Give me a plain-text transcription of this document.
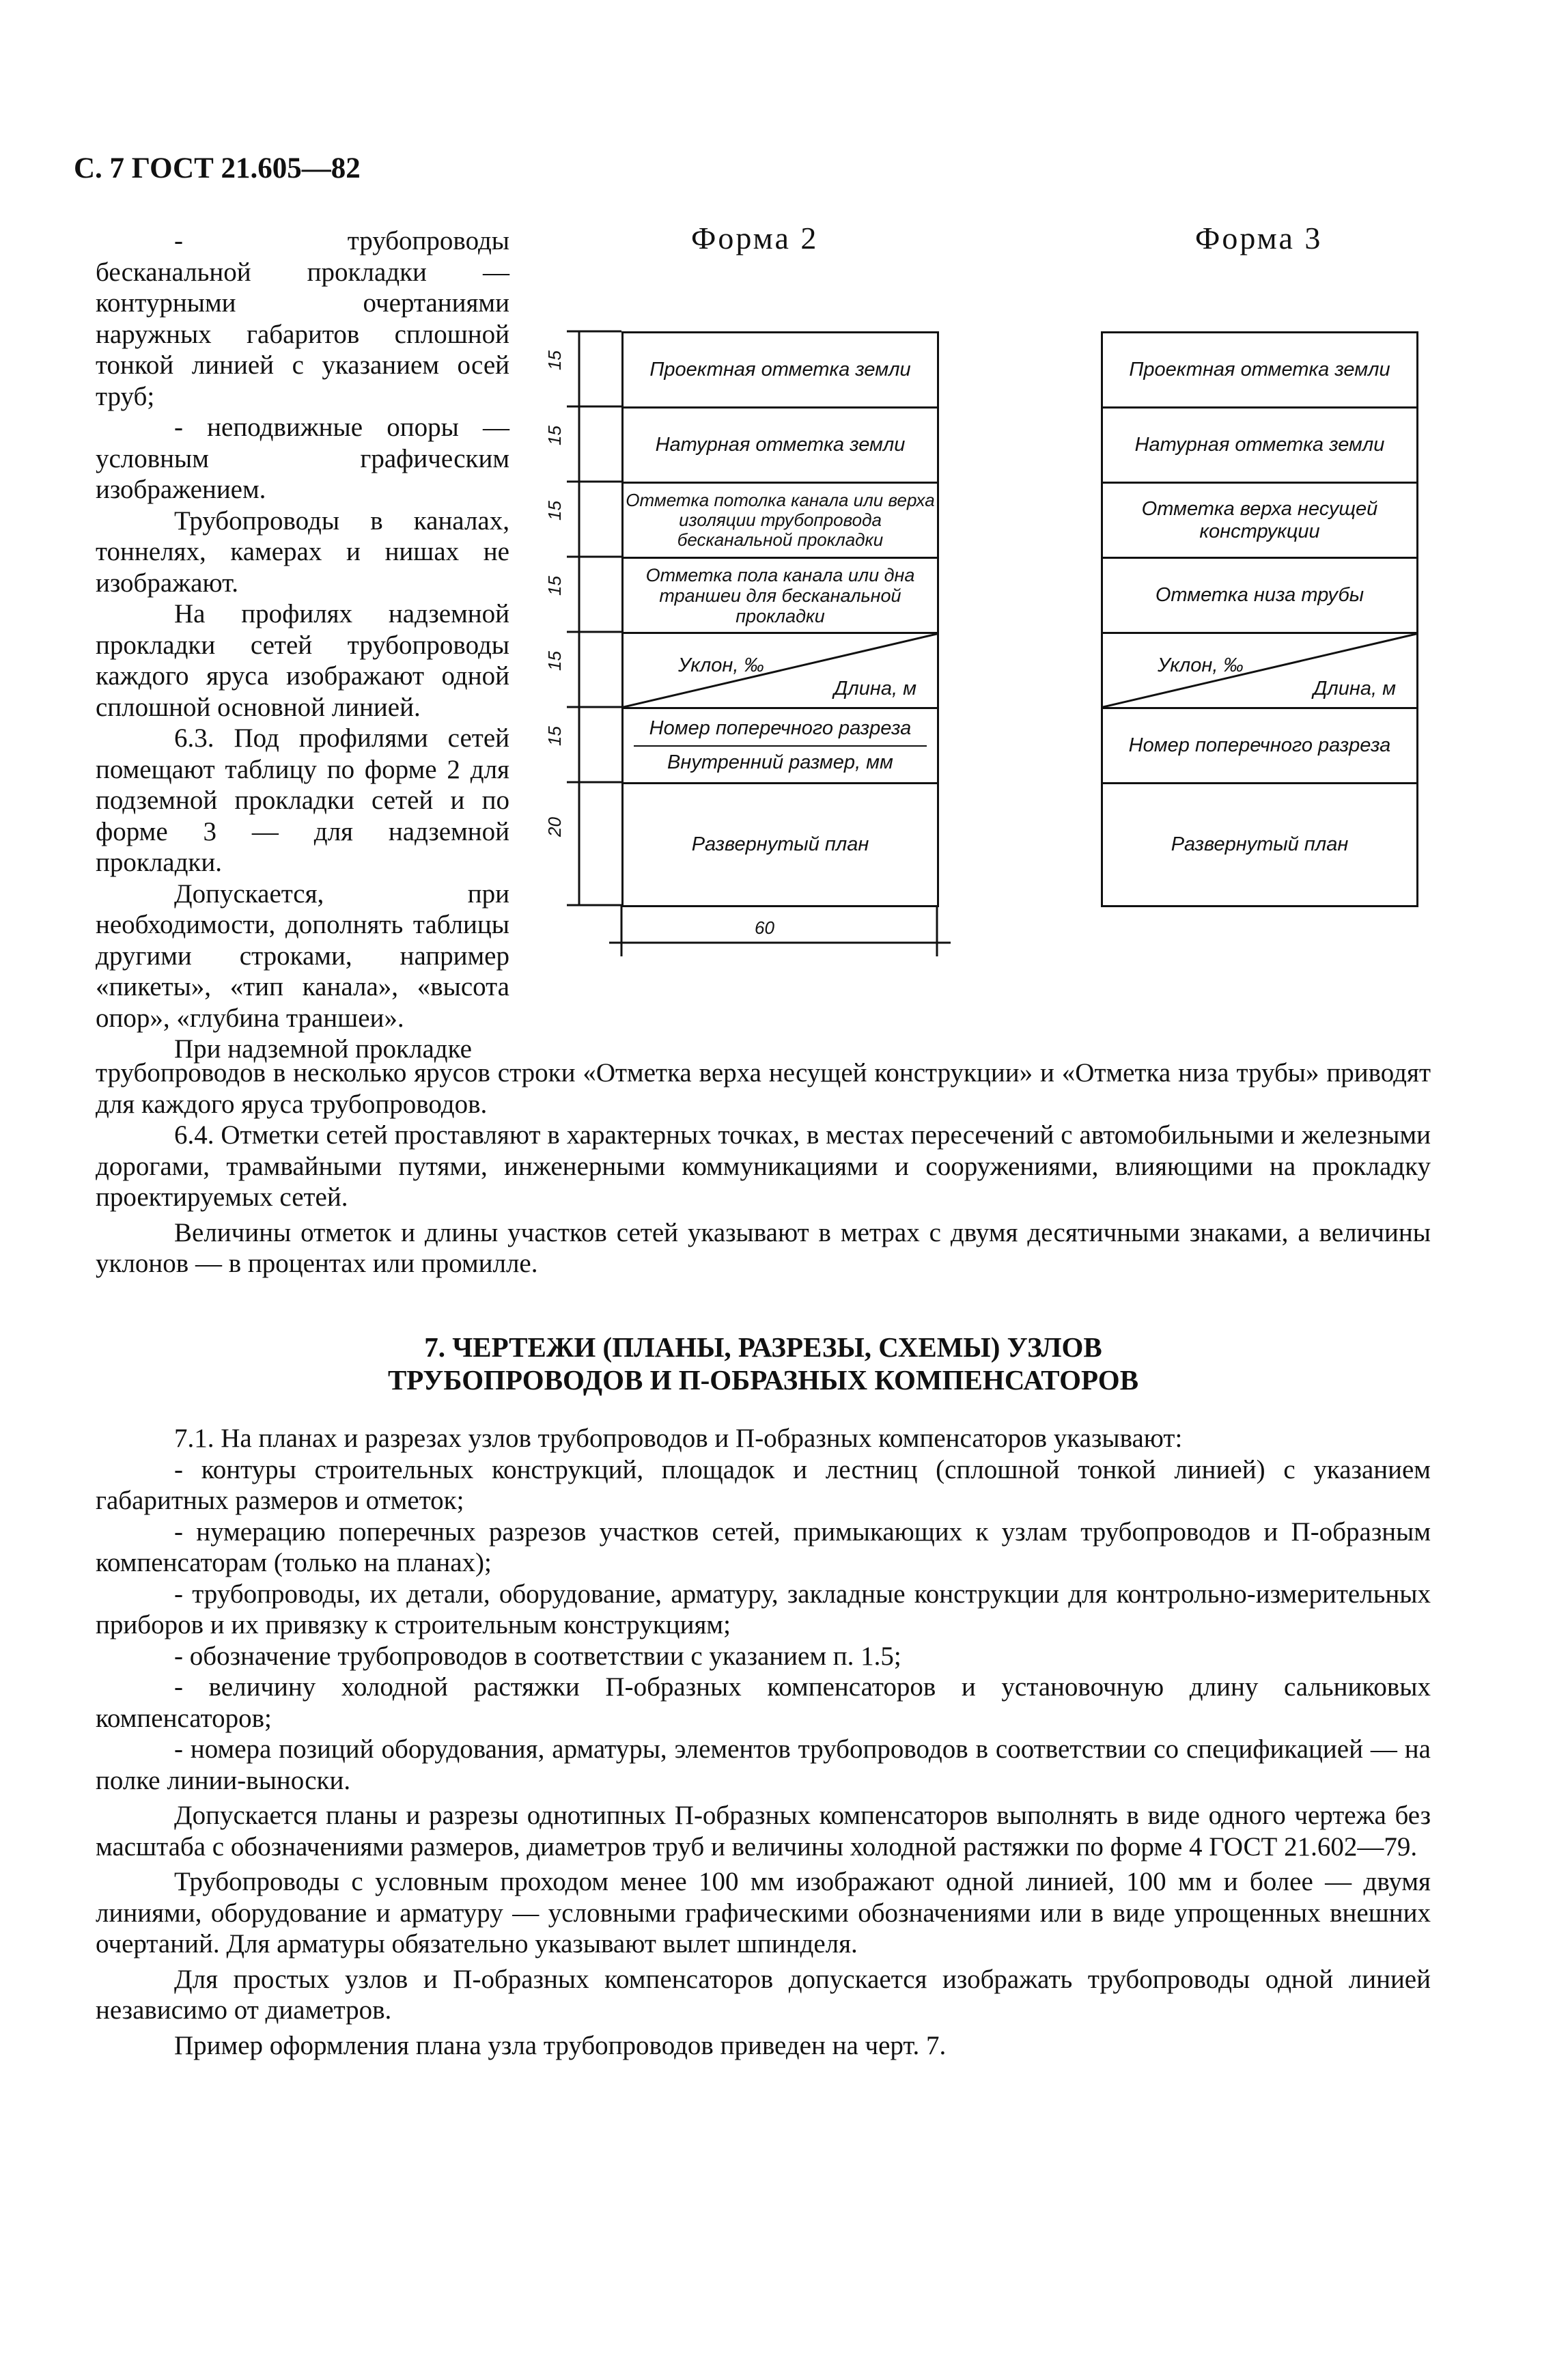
С. 7 ГОСТ 21.605—82

- трубопроводы бесканальной прокладки — контурными очертаниями наружных габаритов сплошной тонкой линией с указанием осей труб;

- неподвижные опоры — условным графическим изображением.

Трубопроводы в каналах, тоннелях, камерах и нишах не изображают.

На профилях надземной прокладки сетей трубопроводы каждого яруса изображают одной сплошной основной линией.

6.3. Под профилями сетей помещают таблицу по форме 2 для подземной прокладки сетей и по форме 3 — для надземной прокладки.

Допускается, при необходимости, дополнять таблицы другими строками, например «пикеты», «тип канала», «высота опор», «глубина траншеи».

При надземной прокладке

Форма 2
15
15
15
15
15
15
20
60
Проектная отметка земли
Натурная отметка земли
Отметка потолка канала или верха изоляции трубопровода бесканальной прокладки
Отметка пола канала или дна траншеи для бесканальной прокладки
Уклон, ‰
Длина, м
Номер поперечного разреза
Внутренний размер, мм
Развернутый план
Форма 3
Проектная отметка земли
Натурная отметка земли
Отметка верха несущей конструкции
Отметка низа трубы
Уклон, ‰
Длина, м
Номер поперечного разреза
Развернутый план

трубопроводов в несколько ярусов строки «Отметка верха несущей конструкции» и «Отметка низа трубы» приводят для каждого яруса трубопроводов.

6.4. Отметки сетей проставляют в характерных точках, в местах пересечений с автомобильными и железными дорогами, трамвайными путями, инженерными коммуникациями и сооружениями, влияющими на прокладку проектируемых сетей.

Величины отметок и длины участков сетей указывают в метрах с двумя десятичными знаками, а величины уклонов — в процентах или промилле.

7. ЧЕРТЕЖИ (ПЛАНЫ, РАЗРЕЗЫ, СХЕМЫ) УЗЛОВ
ТРУБОПРОВОДОВ И П-ОБРАЗНЫХ КОМПЕНСАТОРОВ

7.1. На планах и разрезах узлов трубопроводов и П-образных компенсаторов указывают:

- контуры строительных конструкций, площадок и лестниц (сплошной тонкой линией) с указанием габаритных размеров и отметок;

- нумерацию поперечных разрезов участков сетей, примыкающих к узлам трубопроводов и П-образным компенсаторам (только на планах);

- трубопроводы, их детали, оборудование, арматуру, закладные конструкции для контрольно-измерительных приборов и их привязку к строительным конструкциям;

- обозначение трубопроводов в соответствии с указанием п. 1.5;

- величину холодной растяжки П-образных компенсаторов и установочную длину сальниковых компенсаторов;

- номера позиций оборудования, арматуры, элементов трубопроводов в соответствии со спецификацией — на полке линии-выноски.

Допускается планы и разрезы однотипных П-образных компенсаторов выполнять в виде одного чертежа без масштаба с обозначениями размеров, диаметров труб и величины холодной растяжки по форме 4 ГОСТ 21.602—79.

Трубопроводы с условным проходом менее 100 мм изображают одной линией, 100 мм и более — двумя линиями, оборудование и арматуру — условными графическими обозначениями или в виде упрощенных внешних очертаний. Для арматуры обязательно указывают вылет шпинделя.

Для простых узлов и П-образных компенсаторов допускается изображать трубопроводы одной линией независимо от диаметров.

Пример оформления плана узла трубопроводов приведен на черт. 7.
